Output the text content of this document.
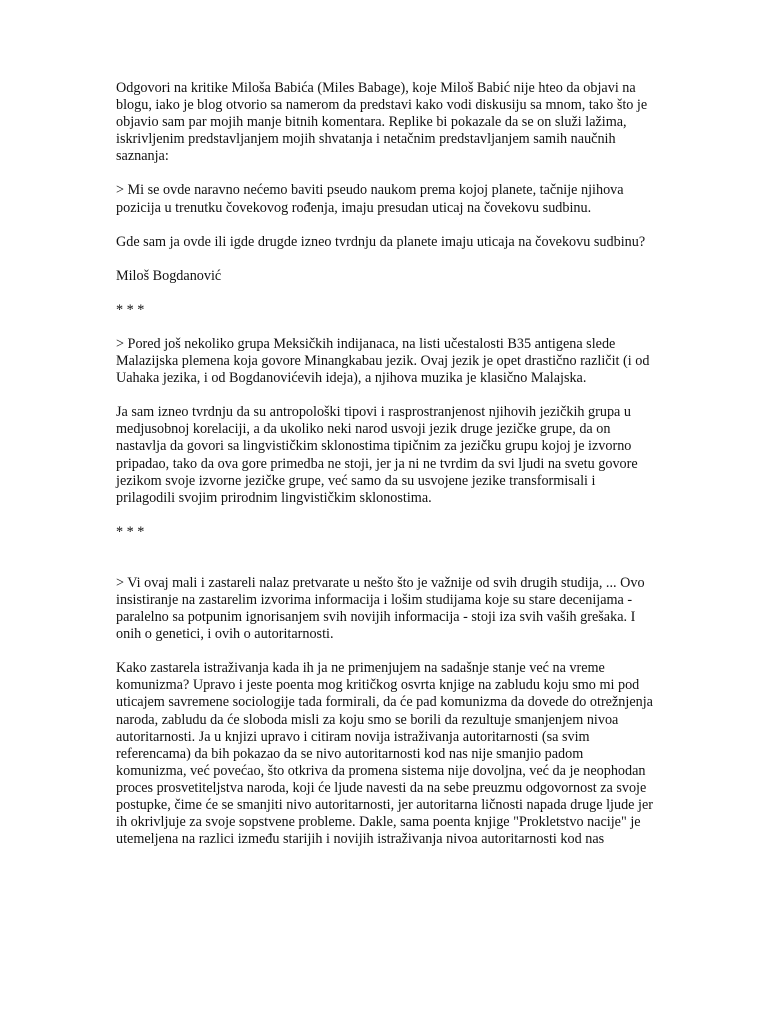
Odgovori na kritike Miloša Babića (Miles Babage), koje Miloš Babić nije hteo da objavi na blogu, iako je blog otvorio sa namerom da predstavi kako vodi diskusiju sa mnom, tako što je objavio sam par mojih manje bitnih komentara. Replike bi pokazale da se on služi lažima, iskrivljenim predstavljanjem mojih shvatanja i netačnim predstavljanjem samih naučnih saznanja:

> Mi se ovde naravno nećemo baviti pseudo naukom prema kojoj planete, tačnije njihova pozicija u trenutku čovekovog rođenja, imaju presudan uticaj na čovekovu sudbinu.

Gde sam ja ovde ili igde drugde izneo tvrdnju da planete imaju uticaja na čovekovu sudbinu?

Miloš Bogdanović

* * *

> Pored još nekoliko grupa Meksičkih indijanaca, na listi učestalosti B35 antigena slede Malazijska plemena koja govore Minangkabau jezik. Ovaj jezik je opet drastično različit (i od Uahaka jezika, i od Bogdanovićevih ideja), a njihova muzika je klasično Malajska.

Ja sam izneo tvrdnju da su antropološki tipovi i rasprostranjenost njihovih jezičkih grupa u medjusobnoj korelaciji, a da ukoliko neki narod usvoji jezik druge jezičke grupe, da on nastavlja da govori sa lingvističkim sklonostima tipičnim za jezičku grupu kojoj je izvorno pripadao, tako da ova gore primedba ne stoji, jer ja ni ne tvrdim da svi ljudi na svetu govore jezikom svoje izvorne jezičke grupe, već samo da su usvojene jezike transformisali i prilagodili svojim prirodnim lingvističkim sklonostima.

* * *

> Vi ovaj mali i zastareli nalaz pretvarate u nešto što je važnije od svih drugih studija, ... Ovo insistiranje na zastarelim izvorima informacija i lošim studijama koje su stare decenijama - paralelno sa potpunim ignorisanjem svih novijih informacija - stoji iza svih vaših grešaka. I onih o genetici, i ovih o autoritarnosti.

Kako zastarela istraživanja kada ih ja ne primenjujem na sadašnje stanje već na vreme komunizma? Upravo i jeste poenta mog kritičkog osvrta knjige na zabludu koju smo mi pod uticajem savremene sociologije tada formirali, da će pad komunizma da dovede do otrežnjenja naroda, zabludu da će sloboda misli za koju smo se borili da rezultuje smanjenjem nivoa autoritarnosti. Ja u knjizi upravo i citiram novija istraživanja autoritarnosti (sa svim referencama) da bih pokazao da se nivo autoritarnosti kod nas nije smanjio padom komunizma, već povećao, što otkriva da promena sistema nije dovoljna, već da je neophodan proces prosvetiteljstva naroda, koji će ljude navesti da na sebe preuzmu odgovornost za svoje postupke, čime će se smanjiti nivo autoritarnosti, jer autoritarna ličnosti napada druge ljude jer ih okrivljuje za svoje sopstvene probleme. Dakle, sama poenta knjige "Prokletstvo nacije" je utemeljena na razlici između starijih i novijih istraživanja nivoa autoritarnosti kod nas
